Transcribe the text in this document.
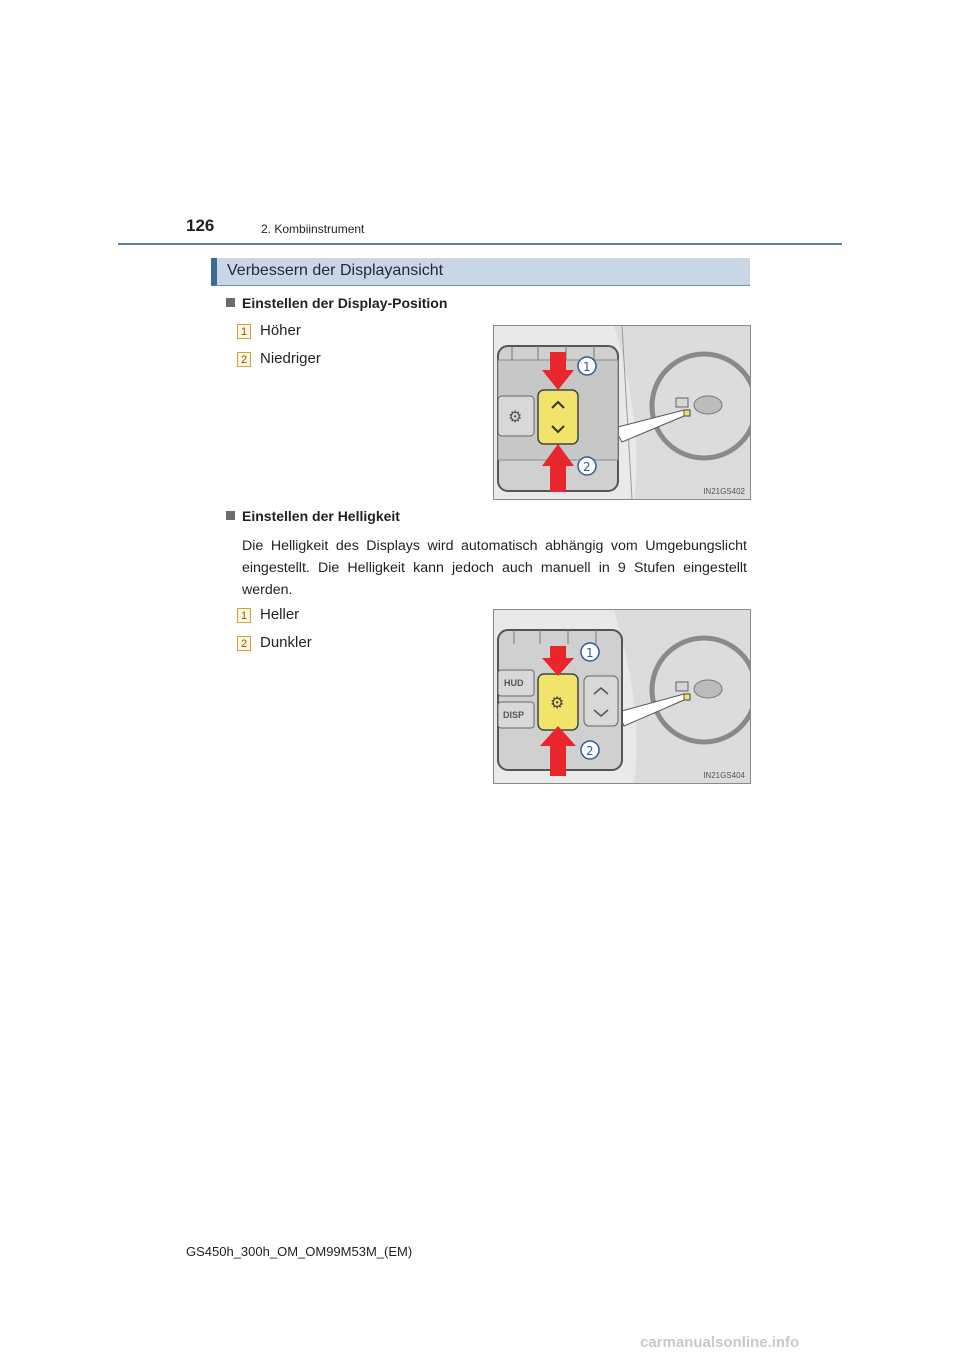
126	2. Kombiinstrument
Verbessern der Displayansicht
Einstellen der Display-Position
1 Höher
2 Niedriger
⚙
1
2
IN21GS402
Einstellen der Helligkeit
Die Helligkeit des Displays wird automatisch abhängig vom Umgebungslicht eingestellt. Die Helligkeit kann jedoch auch manuell in 9 Stufen eingestellt werden.
1 Heller
2 Dunkler
⚙
1
2
HUD
DISP
IN21GS404
GS450h_300h_OM_OM99M53M_(EM)
carmanualsonline.info
